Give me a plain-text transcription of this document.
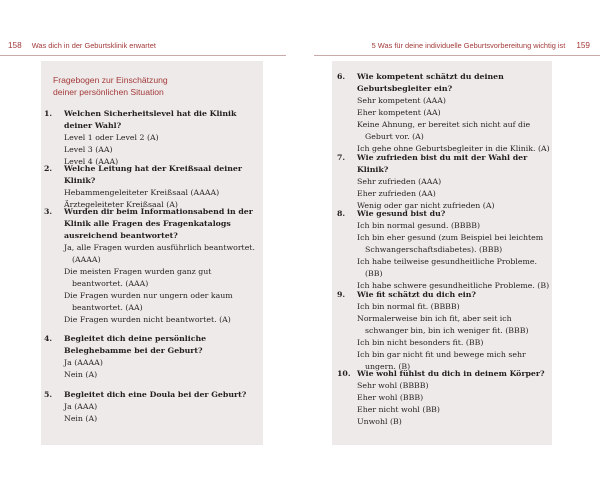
158 Was dich in der Geburtsklinik erwartet	5 Was für deine individuelle Geburtsvorbereitung wichtig ist 159
Fragebogen zur Einschätzung
deiner persönlichen Situation
1. Welchen Sicherheitslevel hat die Klinik deiner Wahl?
Level 1 oder Level 2 (A)
Level 3 (AA)
Level 4 (AAA)
2. Welche Leitung hat der Kreißsaal deiner Klinik?
Hebammengeleiteter Kreißsaal (AAAA)
Ärztegeleiteter Kreißsaal (A)
3. Wurden dir beim Informationsabend in der Klinik alle Fragen des Fragenkatalogs ausreichend beantwortet?
Ja, alle Fragen wurden ausführlich beantwortet. (AAAA)
Die meisten Fragen wurden ganz gut beantwortet. (AAA)
Die Fragen wurden nur ungern oder kaum beantwortet. (AA)
Die Fragen wurden nicht beantwortet. (A)
4. Begleitet dich deine persönliche Beleghebamme bei der Geburt?
Ja (AAAA)
Nein (A)
5. Begleitet dich eine Doula bei der Geburt?
Ja (AAA)
Nein (A)
6. Wie kompetent schätzt du deinen Geburtsbegleiter ein?
Sehr kompetent (AAA)
Eher kompetent (AA)
Keine Ahnung, er bereitet sich nicht auf die Geburt vor. (A)
Ich gehe ohne Geburtsbegleiter in die Klinik. (A)
7. Wie zufrieden bist du mit der Wahl der Klinik?
Sehr zufrieden (AAA)
Eher zufrieden (AA)
Wenig oder gar nicht zufrieden (A)
8. Wie gesund bist du?
Ich bin normal gesund. (BBBB)
Ich bin eher gesund (zum Beispiel bei leichtem Schwangerschaftsdiabetes). (BBB)
Ich habe teilweise gesundheitliche Probleme. (BB)
Ich habe schwere gesundheitliche Probleme. (B)
9. Wie fit schätzt du dich ein?
Ich bin normal fit. (BBBB)
Normalerweise bin ich fit, aber seit ich schwanger bin, bin ich weniger fit. (BBB)
Ich bin nicht besonders fit. (BB)
Ich bin gar nicht fit und bewege mich sehr ungern. (B)
10. Wie wohl fühlst du dich in deinem Körper?
Sehr wohl (BBBB)
Eher wohl (BBB)
Eher nicht wohl (BB)
Unwohl (B)
